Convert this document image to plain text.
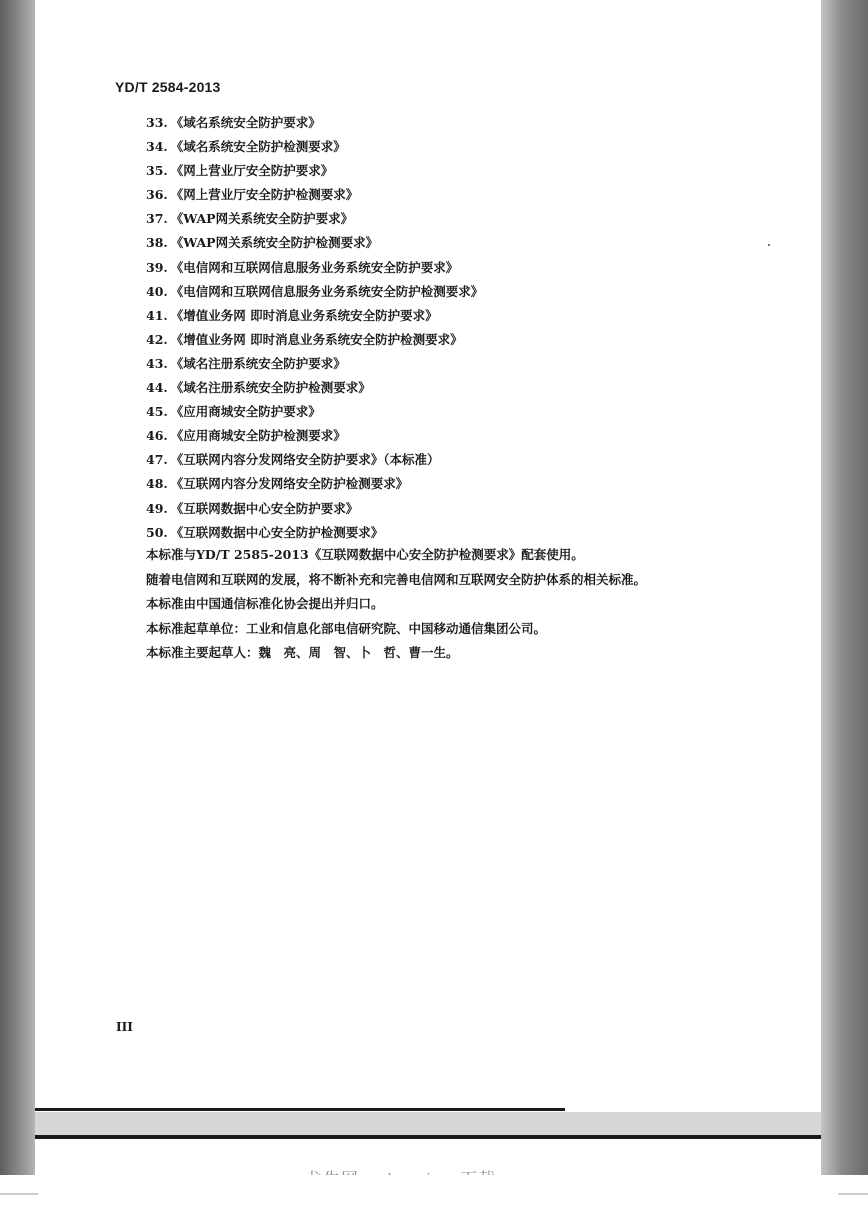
YD/T 2584-2013
33. 《域名系统安全防护要求》
34. 《域名系统安全防护检测要求》
35. 《网上营业厅安全防护要求》
36. 《网上营业厅安全防护检测要求》
37. 《WAP网关系统安全防护要求》
38. 《WAP网关系统安全防护检测要求》
39. 《电信网和互联网信息服务业务系统安全防护要求》
40. 《电信网和互联网信息服务业务系统安全防护检测要求》
41. 《增值业务网 即时消息业务系统安全防护要求》
42. 《增值业务网 即时消息业务系统安全防护检测要求》
43. 《域名注册系统安全防护要求》
44. 《域名注册系统安全防护检测要求》
45. 《应用商城安全防护要求》
46. 《应用商城安全防护检测要求》
47. 《互联网内容分发网络安全防护要求》（本标准）
48. 《互联网内容分发网络安全防护检测要求》
49. 《互联网数据中心安全防护要求》
50. 《互联网数据中心安全防护检测要求》

本标准与YD/T 2585-2013《互联网数据中心安全防护检测要求》配套使用。

随着电信网和互联网的发展，将不断补充和完善电信网和互联网安全防护体系的相关标准。

本标准由中国通信标准化协会提出并归口。

本标准起草单位：工业和信息化部电信研究院、中国移动通信集团公司。

本标准主要起草人：魏　亮、周　智、卜　哲、曹一生。

III
